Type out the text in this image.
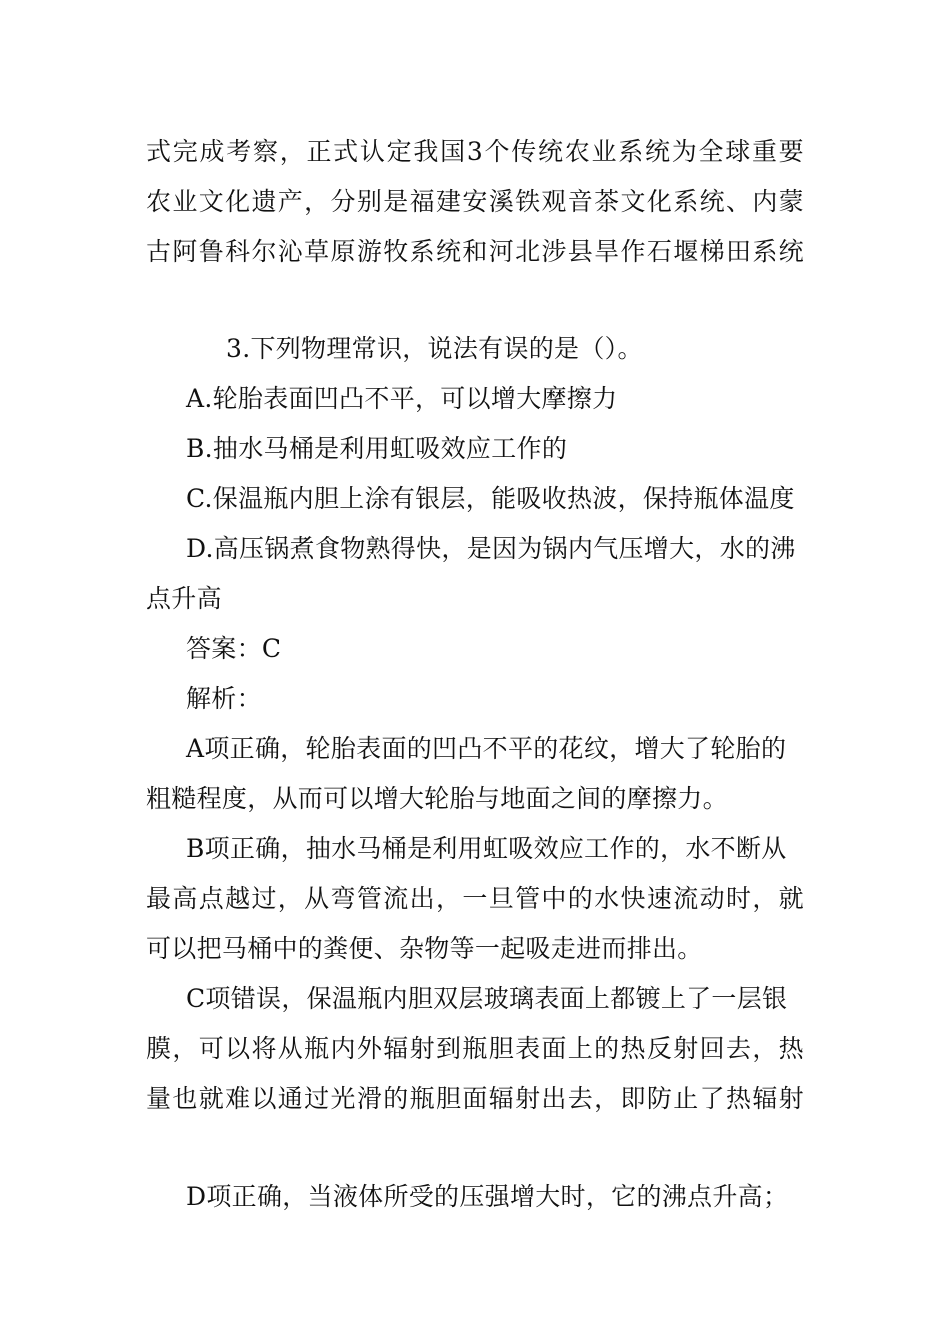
式完成考察，正式认定我国3个传统农业系统为全球重要
农业文化遗产，分别是福建安溪铁观音茶文化系统、内蒙
古阿鲁科尔沁草原游牧系统和河北涉县旱作石堰梯田系统
3.下列物理常识，说法有误的是（）。
A.轮胎表面凹凸不平，可以增大摩擦力
B.抽水马桶是利用虹吸效应工作的
C.保温瓶内胆上涂有银层，能吸收热波，保持瓶体温度
D.高压锅煮食物熟得快，是因为锅内气压增大，水的沸
点升高
答案：C
解析：
A项正确，轮胎表面的凹凸不平的花纹，增大了轮胎的
粗糙程度，从而可以增大轮胎与地面之间的摩擦力。
B项正确，抽水马桶是利用虹吸效应工作的，水不断从
最高点越过，从弯管流出，一旦管中的水快速流动时，就
可以把马桶中的粪便、杂物等一起吸走进而排出。
C项错误，保温瓶内胆双层玻璃表面上都镀上了一层银
膜，可以将从瓶内外辐射到瓶胆表面上的热反射回去，热
量也就难以通过光滑的瓶胆面辐射出去，即防止了热辐射
D项正确，当液体所受的压强增大时，它的沸点升高；
